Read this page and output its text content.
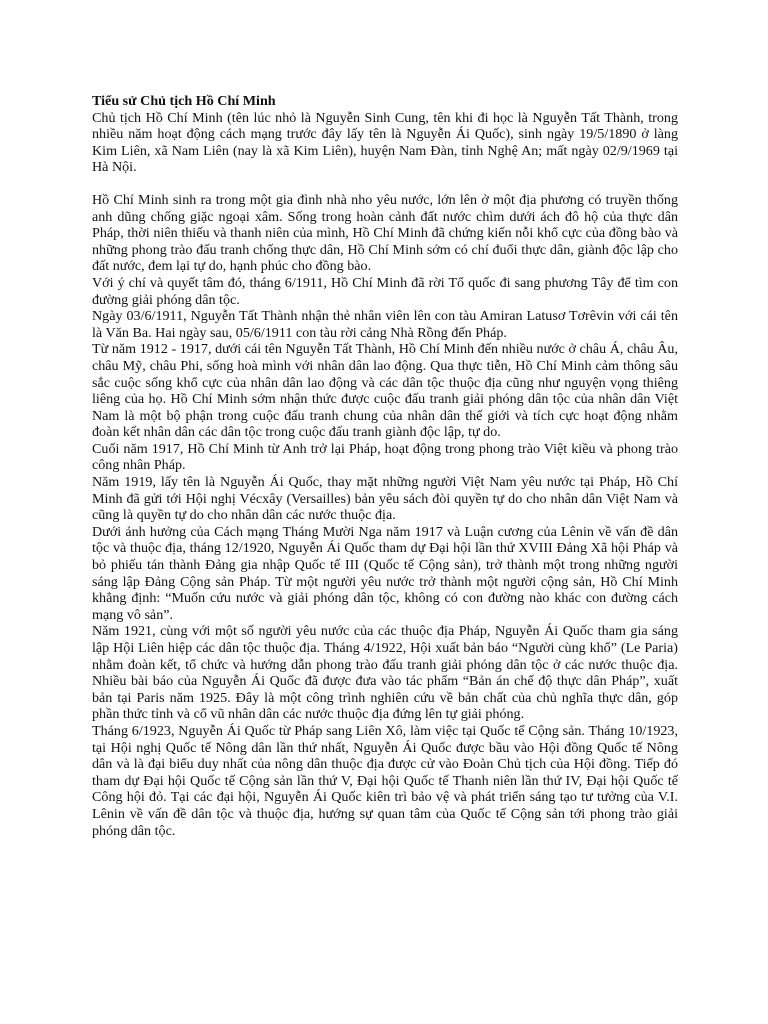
Tiểu sử Chủ tịch Hồ Chí Minh

Chủ tịch Hồ Chí Minh (tên lúc nhỏ là Nguyễn Sinh Cung, tên khi đi học là Nguyễn Tất Thành, trong nhiều năm hoạt động cách mạng trước đây lấy tên là Nguyễn Ái Quốc), sinh ngày 19/5/1890 ở làng Kim Liên, xã Nam Liên (nay là xã Kim Liên), huyện Nam Đàn, tỉnh Nghệ An; mất ngày 02/9/1969 tại Hà Nội.

Hồ Chí Minh sinh ra trong một gia đình nhà nho yêu nước, lớn lên ở một địa phương có truyền thống anh dũng chống giặc ngoại xâm. Sống trong hoàn cảnh đất nước chìm dưới ách đô hộ của thực dân Pháp, thời niên thiếu và thanh niên của mình, Hồ Chí Minh đã chứng kiến nỗi khổ cực của đồng bào và những phong trào đấu tranh chống thực dân, Hồ Chí Minh sớm có chí đuổi thực dân, giành độc lập cho đất nước, đem lại tự do, hạnh phúc cho đồng bào.

Với ý chí và quyết tâm đó, tháng 6/1911, Hồ Chí Minh đã rời Tổ quốc đi sang phương Tây để tìm con đường giải phóng dân tộc.

Ngày 03/6/1911, Nguyễn Tất Thành nhận thẻ nhân viên lên con tàu Amiran Latusơ Tơrêvin với cái tên là Văn Ba. Hai ngày sau, 05/6/1911 con tàu rời cảng Nhà Rồng đến Pháp.

Từ năm 1912 - 1917, dưới cái tên Nguyễn Tất Thành, Hồ Chí Minh đến nhiều nước ở châu Á, châu Âu, châu Mỹ, châu Phi, sống hoà mình với nhân dân lao động. Qua thực tiễn, Hồ Chí Minh cảm thông sâu sắc cuộc sống khổ cực của nhân dân lao động và các dân tộc thuộc địa cũng như nguyện vọng thiêng liêng của họ. Hồ Chí Minh sớm nhận thức được cuộc đấu tranh giải phóng dân tộc của nhân dân Việt Nam là một bộ phận trong cuộc đấu tranh chung của nhân dân thế giới và tích cực hoạt động nhằm đoàn kết nhân dân các dân tộc trong cuộc đấu tranh giành độc lập, tự do.

Cuối năm 1917, Hồ Chí Minh từ Anh trở lại Pháp, hoạt động trong phong trào Việt kiều và phong trào công nhân Pháp.

Năm 1919, lấy tên là Nguyễn Ái Quốc, thay mặt những người Việt Nam yêu nước tại Pháp, Hồ Chí Minh đã gửi tới Hội nghị Vécxây (Versailles) bản yêu sách đòi quyền tự do cho nhân dân Việt Nam và cũng là quyền tự do cho nhân dân các nước thuộc địa.

Dưới ảnh hưởng của Cách mạng Tháng Mười Nga năm 1917 và Luận cương của Lênin về vấn đề dân tộc và thuộc địa, tháng 12/1920, Nguyễn Ái Quốc tham dự Đại hội lần thứ XVIII Đảng Xã hội Pháp và bỏ phiếu tán thành Đảng gia nhập Quốc tế III (Quốc tế Cộng sản), trở thành một trong những người sáng lập Đảng Cộng sản Pháp. Từ một người yêu nước trở thành một người cộng sản, Hồ Chí Minh khẳng định: “Muốn cứu nước và giải phóng dân tộc, không có con đường nào khác con đường cách mạng vô sản”.

Năm 1921, cùng với một số người yêu nước của các thuộc địa Pháp, Nguyễn Ái Quốc tham gia sáng lập Hội Liên hiệp các dân tộc thuộc địa. Tháng 4/1922, Hội xuất bản báo “Người cùng khổ” (Le Paria) nhằm đoàn kết, tổ chức và hướng dẫn phong trào đấu tranh giải phóng dân tộc ở các nước thuộc địa. Nhiều bài báo của Nguyễn Ái Quốc đã được đưa vào tác phẩm “Bản án chế độ thực dân Pháp”, xuất bản tại Paris năm 1925. Đây là một công trình nghiên cứu về bản chất của chủ nghĩa thực dân, góp phần thức tỉnh và cổ vũ nhân dân các nước thuộc địa đứng lên tự giải phóng.

Tháng 6/1923, Nguyễn Ái Quốc từ Pháp sang Liên Xô, làm việc tại Quốc tế Cộng sản. Tháng 10/1923, tại Hội nghị Quốc tế Nông dân lần thứ nhất, Nguyễn Ái Quốc được bầu vào Hội đồng Quốc tế Nông dân và là đại biểu duy nhất của nông dân thuộc địa được cử vào Đoàn Chủ tịch của Hội đồng. Tiếp đó tham dự Đại hội Quốc tế Cộng sản lần thứ V, Đại hội Quốc tế Thanh niên lần thứ IV, Đại hội Quốc tế Công hội đỏ. Tại các đại hội, Nguyễn Ái Quốc kiên trì bảo vệ và phát triển sáng tạo tư tưởng của V.I. Lênin về vấn đề dân tộc và thuộc địa, hướng sự quan tâm của Quốc tế Cộng sản tới phong trào giải phóng dân tộc.
